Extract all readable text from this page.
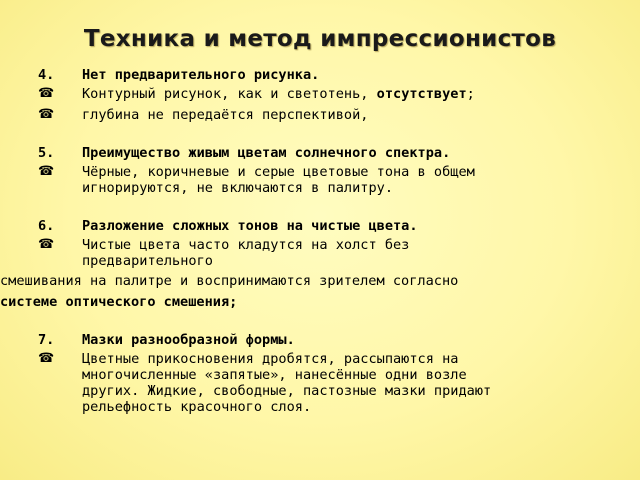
Техника и метод импрессионистов
4. Нет предварительного рисунка.
☎ Контурный рисунок, как и светотень, отсутствует;
☎ глубина не передаётся перспективой,
5. Преимущество живым цветам солнечного спектра.
☎ Чёрные, коричневые и серые цветовые тона в общем
игнорируются, не включаются в палитру.
6. Разложение сложных тонов на чистые цвета.
☎ Чистые цвета часто кладутся на холст без
предварительного
смешивания на палитре и воспринимаются зрителем согласно
системе оптического смешения;
7. Мазки разнообразной формы.
☎ Цветные прикосновения дробятся, рассыпаются на
многочисленные «запятые», нанесённые одни возле
других. Жидкие, свободные, пастозные мазки придают
рельефность красочного слоя.
